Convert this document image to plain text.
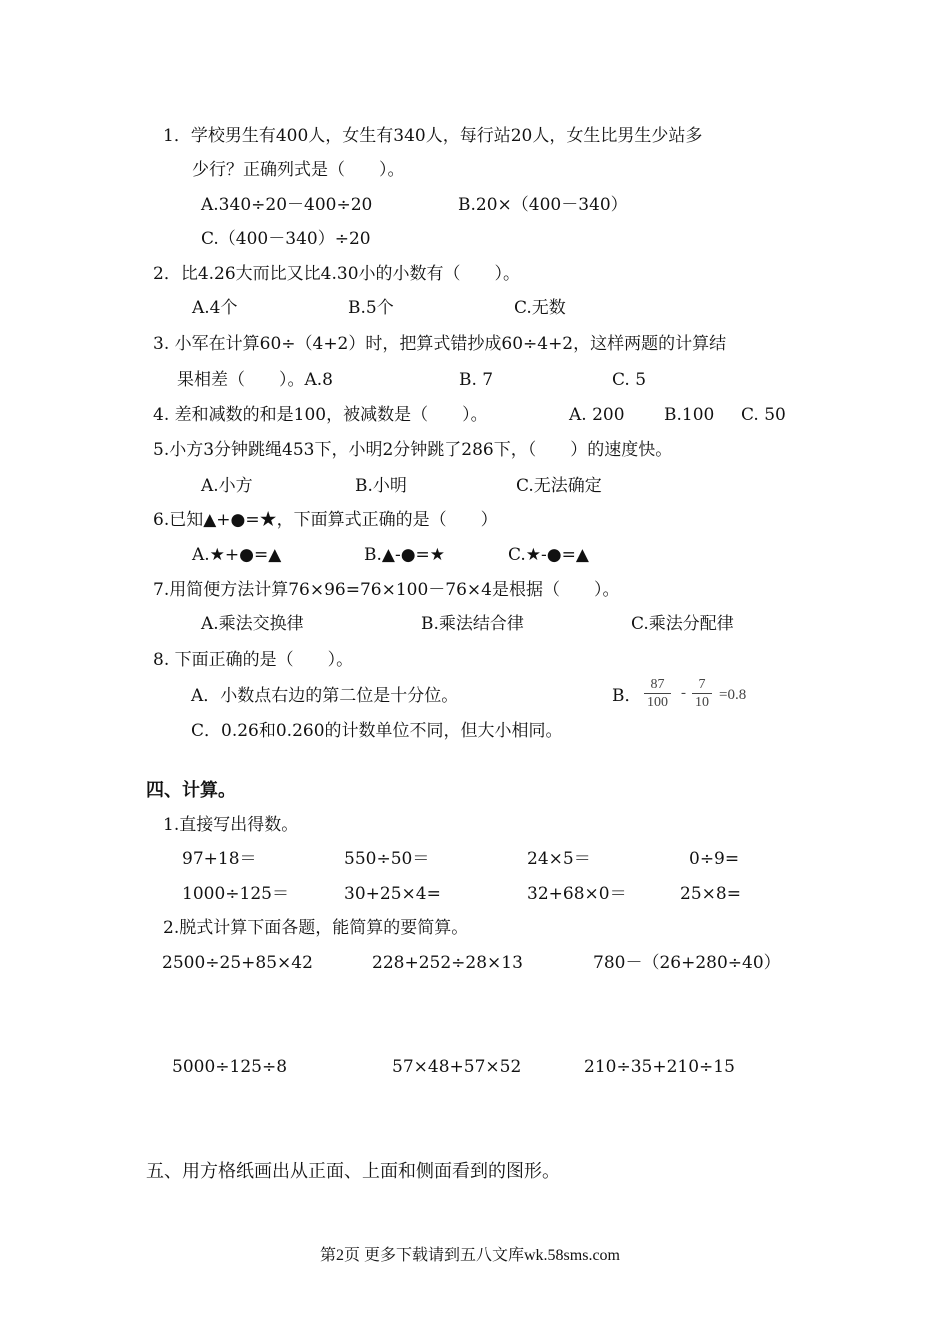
1．学校男生有400人，女生有340人，每行站20人，女生比男生少站多
少行？正确列式是（　　）。
A.340÷20－400÷20	B.20×（400－340）
C.（400－340）÷20
2．比4.26大而比又比4.30小的小数有（　　）。
A.4个	B.5个	C.无数
3. 小军在计算60÷（4+2）时，把算式错抄成60÷4+2，这样两题的计算结
果相差（　　）。A.8	B. 7	C. 5
4. 差和减数的和是100，被减数是（　　）。	A. 200 B.100 C. 50
5.小方3分钟跳绳453下，小明2分钟跳了286下，（　　）的速度快。
A.小方	B.小明	C.无法确定
6.已知▲+●=★，下面算式正确的是（　　）
A.★+●=▲	B.▲-●=★	C.★-●=▲
7.用简便方法计算76×96=76×100－76×4是根据（　　）。
A.乘法交换律	B.乘法结合律	C.乘法分配律
8. 下面正确的是（　　）。
A．小数点右边的第二位是十分位。	B． $\frac{87}{100} - \frac{7}{10} =0.8$
C．0.26和0.260的计数单位不同，但大小相同。
四、计算。
1.直接写出得数。
97+18＝	550÷50＝	24×5＝	0÷9=
1000÷125＝	30+25×4=	32+68×0＝	25×8=
2.脱式计算下面各题，能简算的要简算。
2500÷25+85×42	228+252÷28×13	780－（26+280÷40）
5000÷125÷8	57×48+57×52	210÷35+210÷15
五、用方格纸画出从正面、上面和侧面看到的图形。
第2页 更多下载请到五八文库wk.58sms.com
